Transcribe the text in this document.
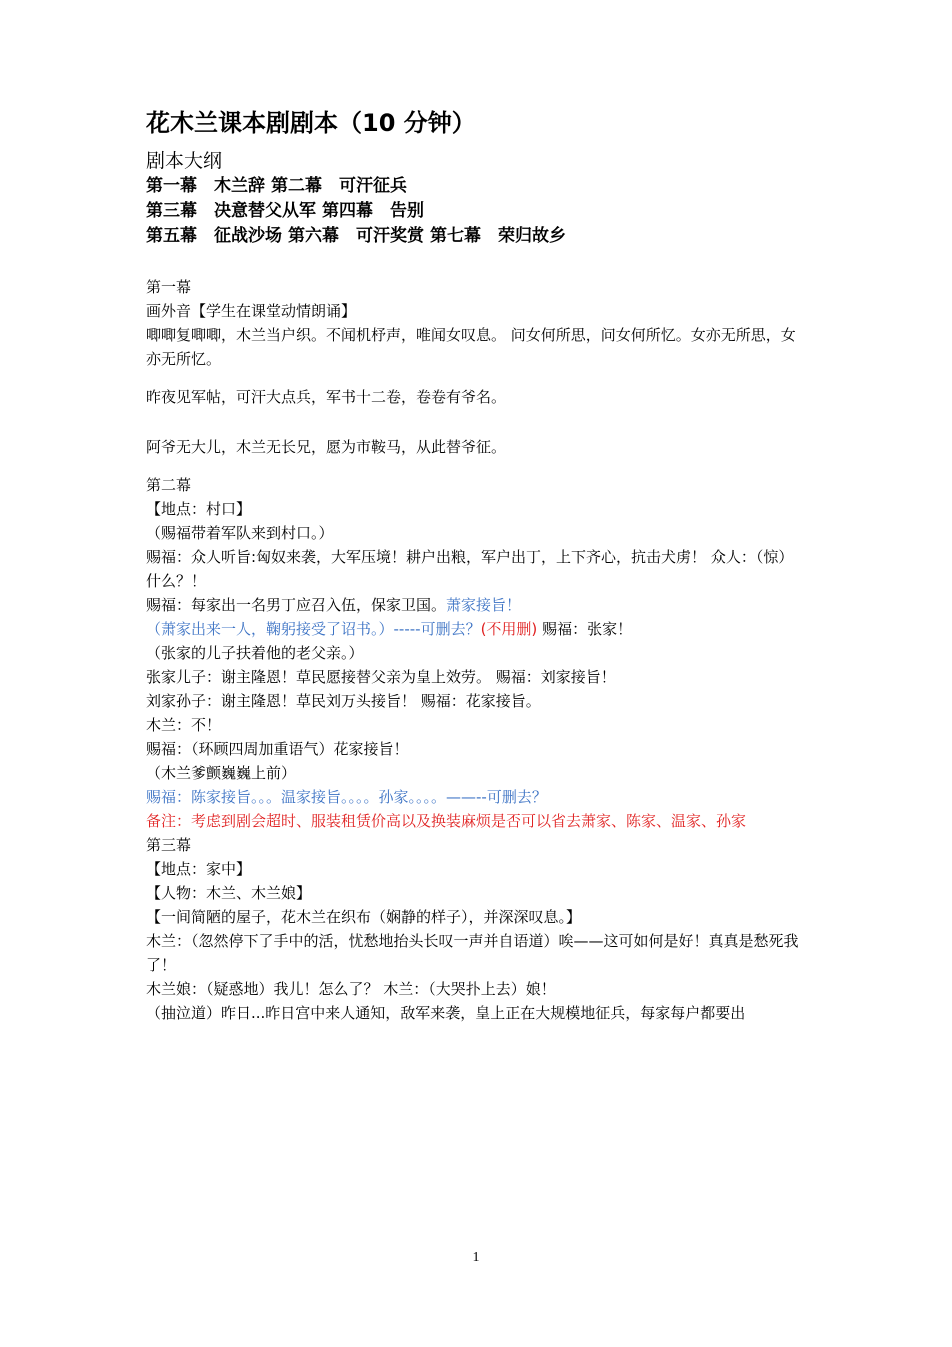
花木兰课本剧剧本（10 分钟）

剧本大纲

第一幕　木兰辞 第二幕　可汗征兵

第三幕　决意替父从军 第四幕　告别

第五幕　征战沙场 第六幕　可汗奖赏 第七幕　荣归故乡

第一幕

画外音【学生在课堂动情朗诵】

唧唧复唧唧，木兰当户织。不闻机杼声，唯闻女叹息。 问女何所思，问女何所忆。女亦无所思，女亦无所忆。

昨夜见军帖，可汗大点兵，军书十二卷，卷卷有爷名。

阿爷无大儿，木兰无长兄，愿为市鞍马，从此替爷征。

第二幕

【地点：村口】

（赐福带着军队来到村口。）

赐福：众人听旨:匈奴来袭，大军压境！耕户出粮，军户出丁，上下齐心，抗击犬虏！ 众人：（惊）什么？！

赐福：每家出一名男丁应召入伍，保家卫国。萧家接旨！

（萧家出来一人，鞠躬接受了诏书。）-----可删去？(不用删) 赐福：张家！

（张家的儿子扶着他的老父亲。）

张家儿子：谢主隆恩！草民愿接替父亲为皇上效劳。 赐福：刘家接旨！

刘家孙子：谢主隆恩！草民刘万头接旨！ 赐福：花家接旨。

木兰：不！

赐福：（环顾四周加重语气）花家接旨！

（木兰爹颤巍巍上前）

赐福：陈家接旨。。。温家接旨。。。。孙家。。。。——--可删去？

备注：考虑到剧会超时、服装租赁价高以及换装麻烦是否可以省去萧家、陈家、温家、孙家

第三幕

【地点：家中】

【人物：木兰、木兰娘】

【一间简陋的屋子，花木兰在织布（娴静的样子），并深深叹息。】

木兰：（忽然停下了手中的活，忧愁地抬头长叹一声并自语道）唉——这可如何是好！真真是愁死我了！

木兰娘：（疑惑地）我儿！怎么了？ 木兰：（大哭扑上去）娘！

（抽泣道）昨日...昨日宫中来人通知，敌军来袭，皇上正在大规模地征兵，每家每户都要出

1
